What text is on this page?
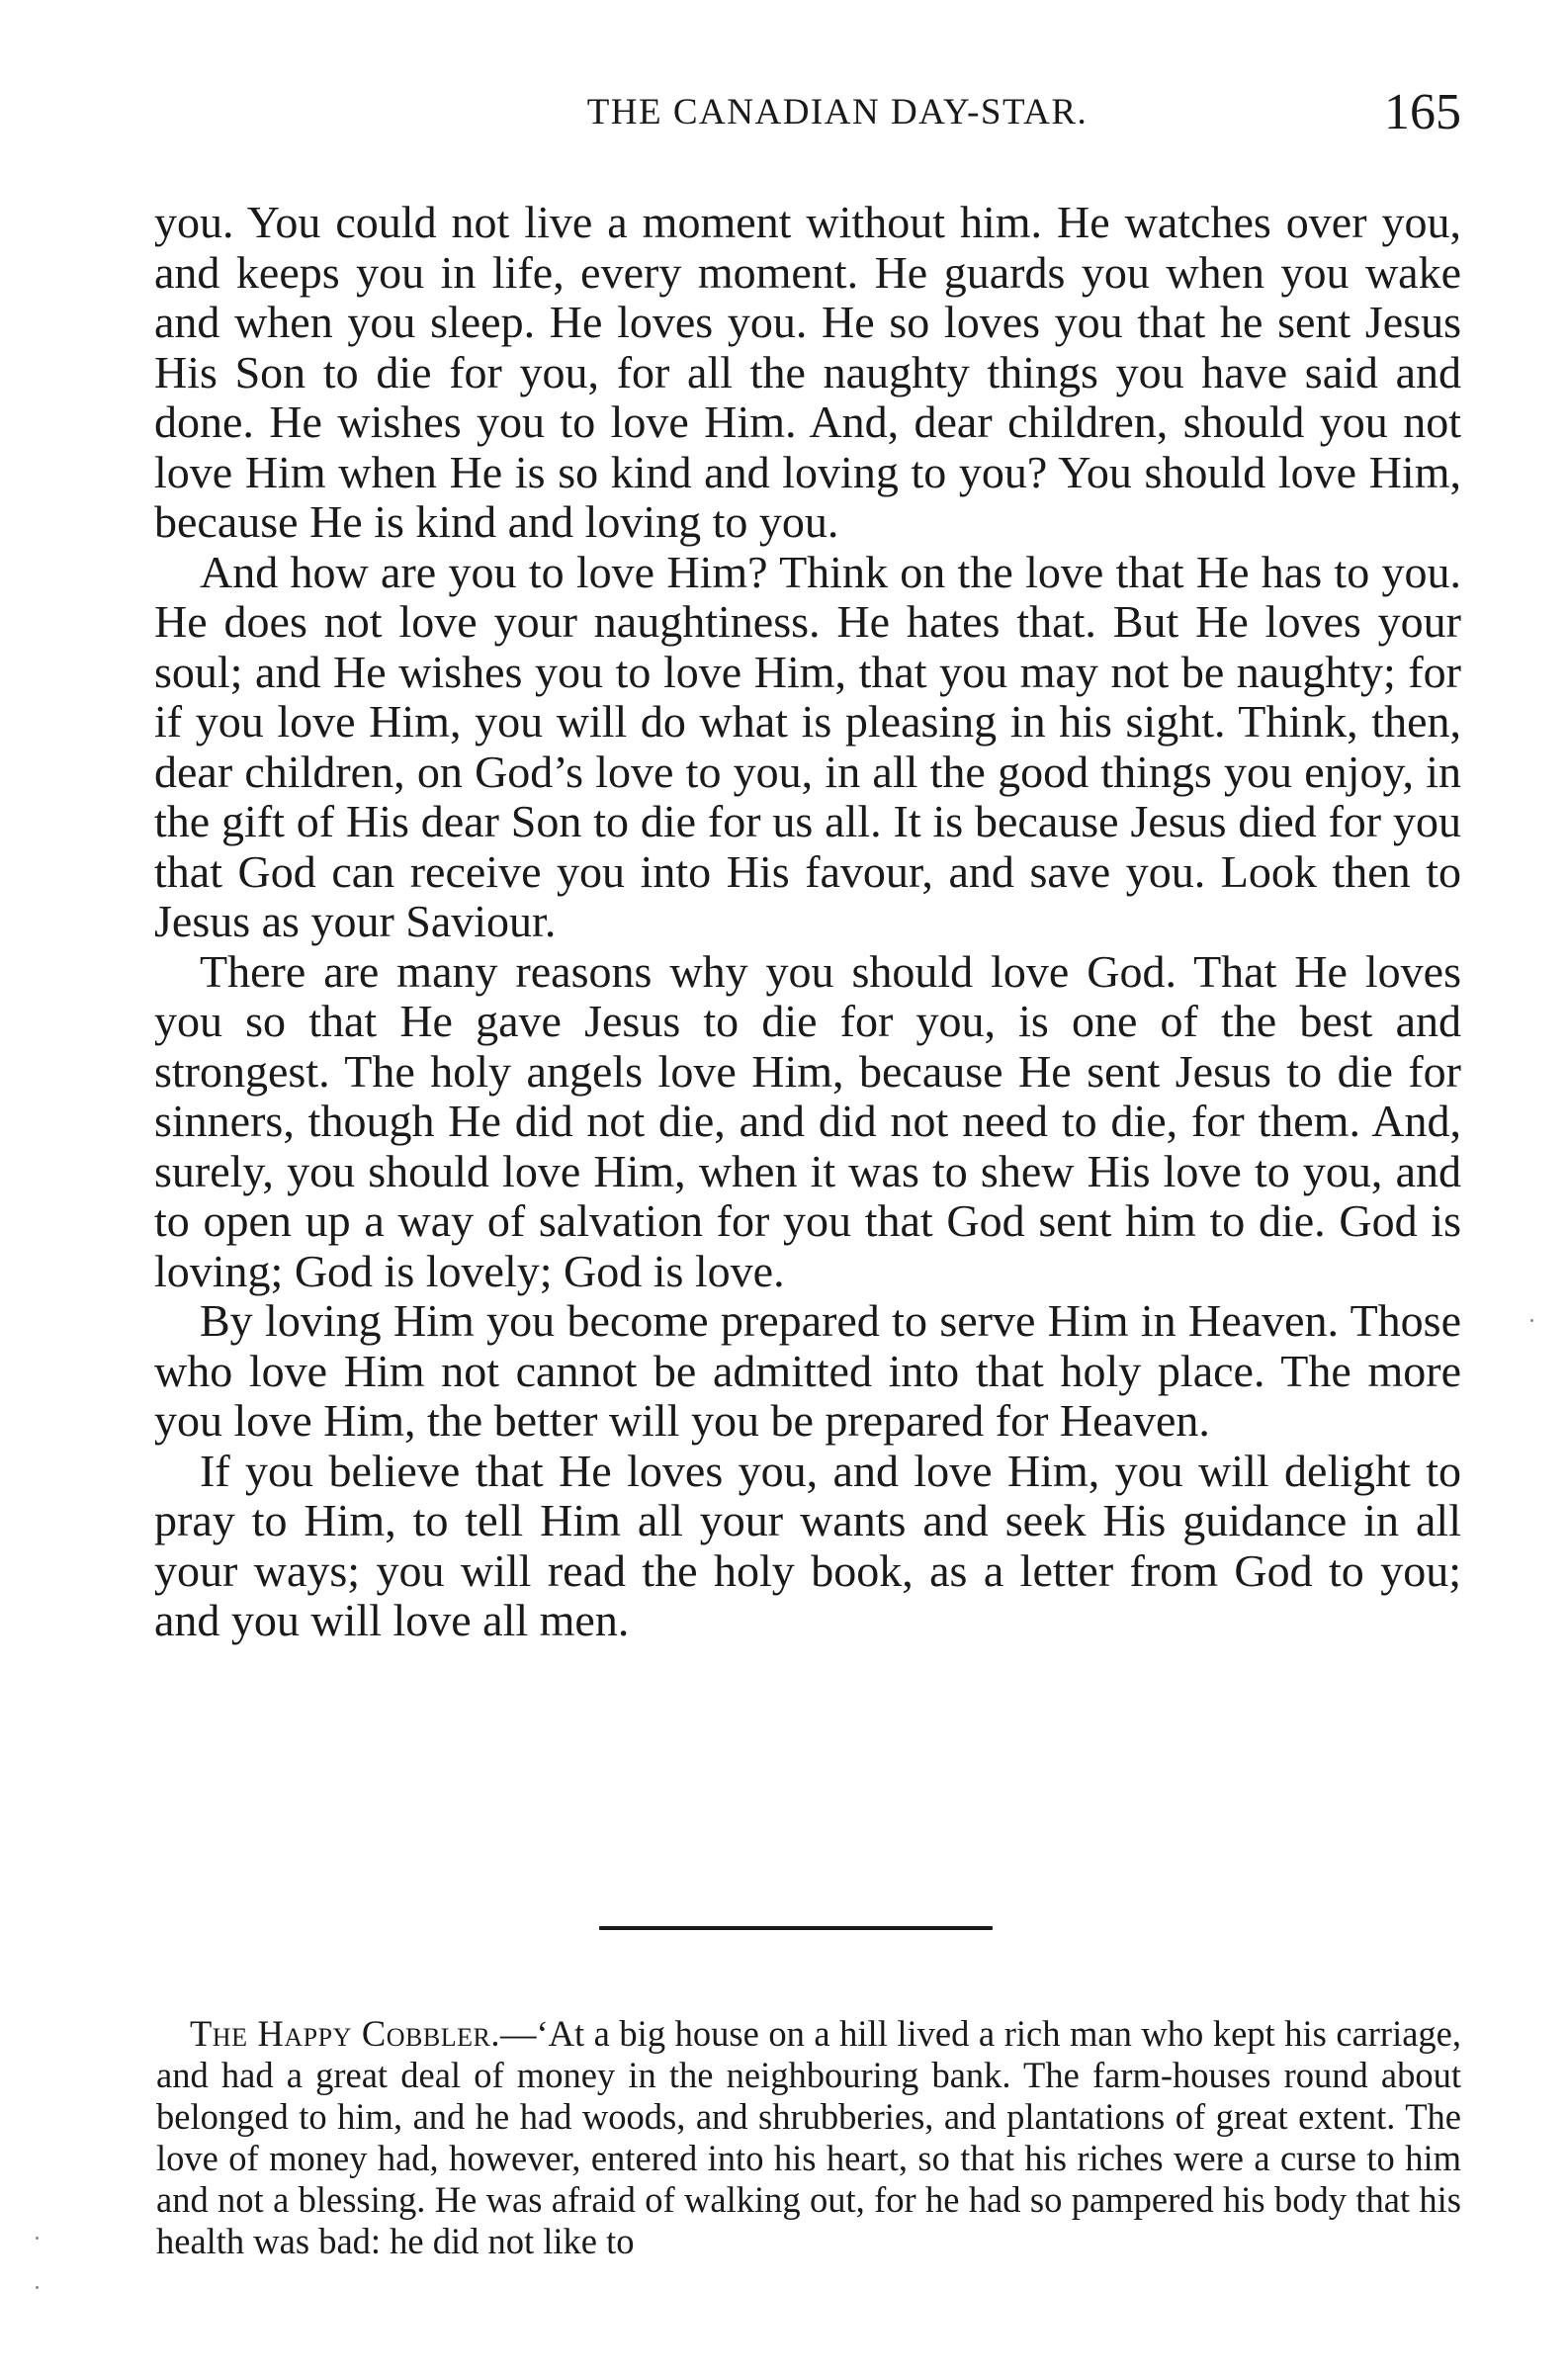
THE CANADIAN DAY-STAR.	165

you. You could not live a moment without him. He watches over you, and keeps you in life, every moment. He guards you when you wake and when you sleep. He loves you. He so loves you that he sent Jesus His Son to die for you, for all the naughty things you have said and done. He wishes you to love Him. And, dear children, should you not love Him when He is so kind and loving to you? You should love Him, because He is kind and loving to you.

And how are you to love Him? Think on the love that He has to you. He does not love your naughtiness. He hates that. But He loves your soul; and He wishes you to love Him, that you may not be naughty; for if you love Him, you will do what is pleasing in his sight. Think, then, dear children, on God’s love to you, in all the good things you enjoy, in the gift of His dear Son to die for us all. It is because Jesus died for you that God can receive you into His favour, and save you. Look then to Jesus as your Saviour.

There are many reasons why you should love God. That He loves you so that He gave Jesus to die for you, is one of the best and strongest. The holy angels love Him, because He sent Jesus to die for sinners, though He did not die, and did not need to die, for them. And, surely, you should love Him, when it was to shew His love to you, and to open up a way of salvation for you that God sent him to die. God is loving; God is lovely; God is love.

By loving Him you become prepared to serve Him in Heaven. Those who love Him not cannot be admitted into that holy place. The more you love Him, the better will you be prepared for Heaven.

If you believe that He loves you, and love Him, you will delight to pray to Him, to tell Him all your wants and seek His guidance in all your ways; you will read the holy book, as a letter from God to you; and you will love all men.

The Happy Cobbler.—‘At a big house on a hill lived a rich man who kept his carriage, and had a great deal of money in the neighbouring bank. The farm-houses round about belonged to him, and he had woods, and shrubberies, and plantations of great extent. The love of money had, however, entered into his heart, so that his riches were a curse to him and not a blessing. He was afraid of walking out, for he had so pampered his body that his health was bad: he did not like to
